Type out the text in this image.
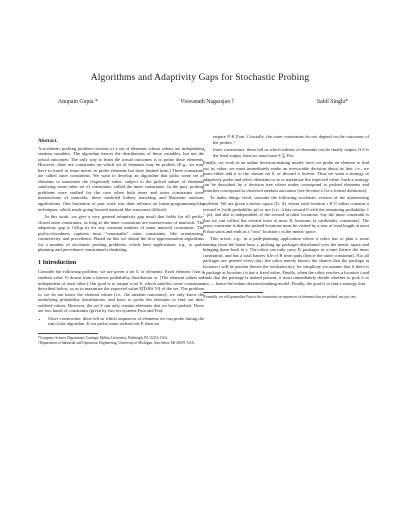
Algorithms and Adaptivity Gaps for Stochastic Probing
Anupam Gupta *	Viswanath Nagarajan †	Sahil Singla*
Abstract.

A stochastic probing problem consists of a set of elements whose values are independent random variables. The algorithm knows the distributions of these variables, but not the actual outcomes. The only way to learn the actual outcomes is to probe these elements. However, there are constraints on which set of elements may be probed. (E.g., we may have to travel in some metric to probe elements but have limited time.) These constraints are called outer constraints. We want to develop an algorithm that picks some set of elements to maximize the (expected) value, subject to the picked subset of elements satisfying some other set of constraints, called the inner constraints. In the past, probing problems were studied for the case when both inner and outer constraints were intersections of matroids; these modeled kidney matching and Bayesian auctions applications. One limitation of past work was their reliance on linear-programming-like techniques, which made going beyond matroid-like structures difficult.

In this work, we give a very general adaptivity gap result that holds for all prefix-closed outer constraints, as long as the inner constraints are intersections of matroids. The adaptivity gap is O(log n) for any constant number of inner matroid constraints. The prefix-closedness captures most "reasonable" outer constraints, like orienteering, connectivity, and precedence. Based on this we obtain the first approximation algorithms for a number of stochastic probing problems, which have applications, e.g., to path-planning and precedence-constrained scheduling.

1 Introduction

Consider the following problem: we are given a set U of elements. Each element i has a random value Vi drawn from a known probability distribution πi. (The element values are independent of each other.) Our goal is to output a set S, which satisfies some constraints described below, so as to maximize the expected value E[Σi∈S Vi] of the set. The problem is: we do not know the element values (i.e., the random outcomes); we only know the underlying probability distributions, and have to probe the elements to find out their realized values. However, the set S can only contain elements that we have probed. There are two kinds of constraints (given by two set systems Fout and Fin):

• Outer constraints: these tell us which sequences of elements we can probe during the run of the algorithm. If we probe some ordered set P, then we

*Computer Science Department, Carnegie Mellon University, Pittsburgh, PA 15213, USA.

†Department of Industrial and Operations Engineering, University of Michigan, Ann Arbor, MI 48109, USA.

require P ∈ Fout. Crucially, the outer constraints do not depend on the outcomes of the probes. ¹

• Inner constraints: these tell us which subsets of elements can be finally output. If S is the final output, then we must have S ⊆ Fin.

Finally, we work in an online decision-making model: once we probe an element to find out its value, we must immediately make an irrevocable decision about its fate, i.e., we must either add it to the chosen set S, or discard it forever. Thus we want a strategy to adaptively probe and select elements so as to maximize the expected value. Such a strategy can be described by a decision tree where nodes correspond to probed elements and branches correspond to observed random outcomes (see Section 2 for a formal definition).

To make things vivid, consider the following stochastic version of the orienteering problem. We are given a metric space (U, d), where each location i ∈ U either contains a reward vi (with probability pi) or not (i.e., it has reward 0 with the remaining probability 1 − pi), and this is independent of the reward at other locations. Say the inner constraint is that we can collect the reward from at most K locations (a cardinality constraint). The outer constraint is that the probed locations must be visited by a tour of total length at most B that starts and ends at a "root" location r in the metric space.

This arises, e.g., in a path-planning application where a robot has to plan a route starting from the home base r, picking up packages distributed over the metric space and bringing them back to r. The robot can only carry K packages at a time (hence the inner constraint), and has a total battery life of B time units (hence the outer constraint). Not all packages are present every day: the robot merely knows the chance that the package at location i will be present (hence the stochasticity); for simplicity we assume that if there is a package at location i it has a fixed value. Finally, when the robot reaches a location i and finds that the package is indeed present, it must immediately decide whether to pick it or not — hence the online decision-making model. Finally, the goal is to find a strategy that

¹Formally, we will generalize Fout to be constraints on sequences of elements that are probed, not just sets.
